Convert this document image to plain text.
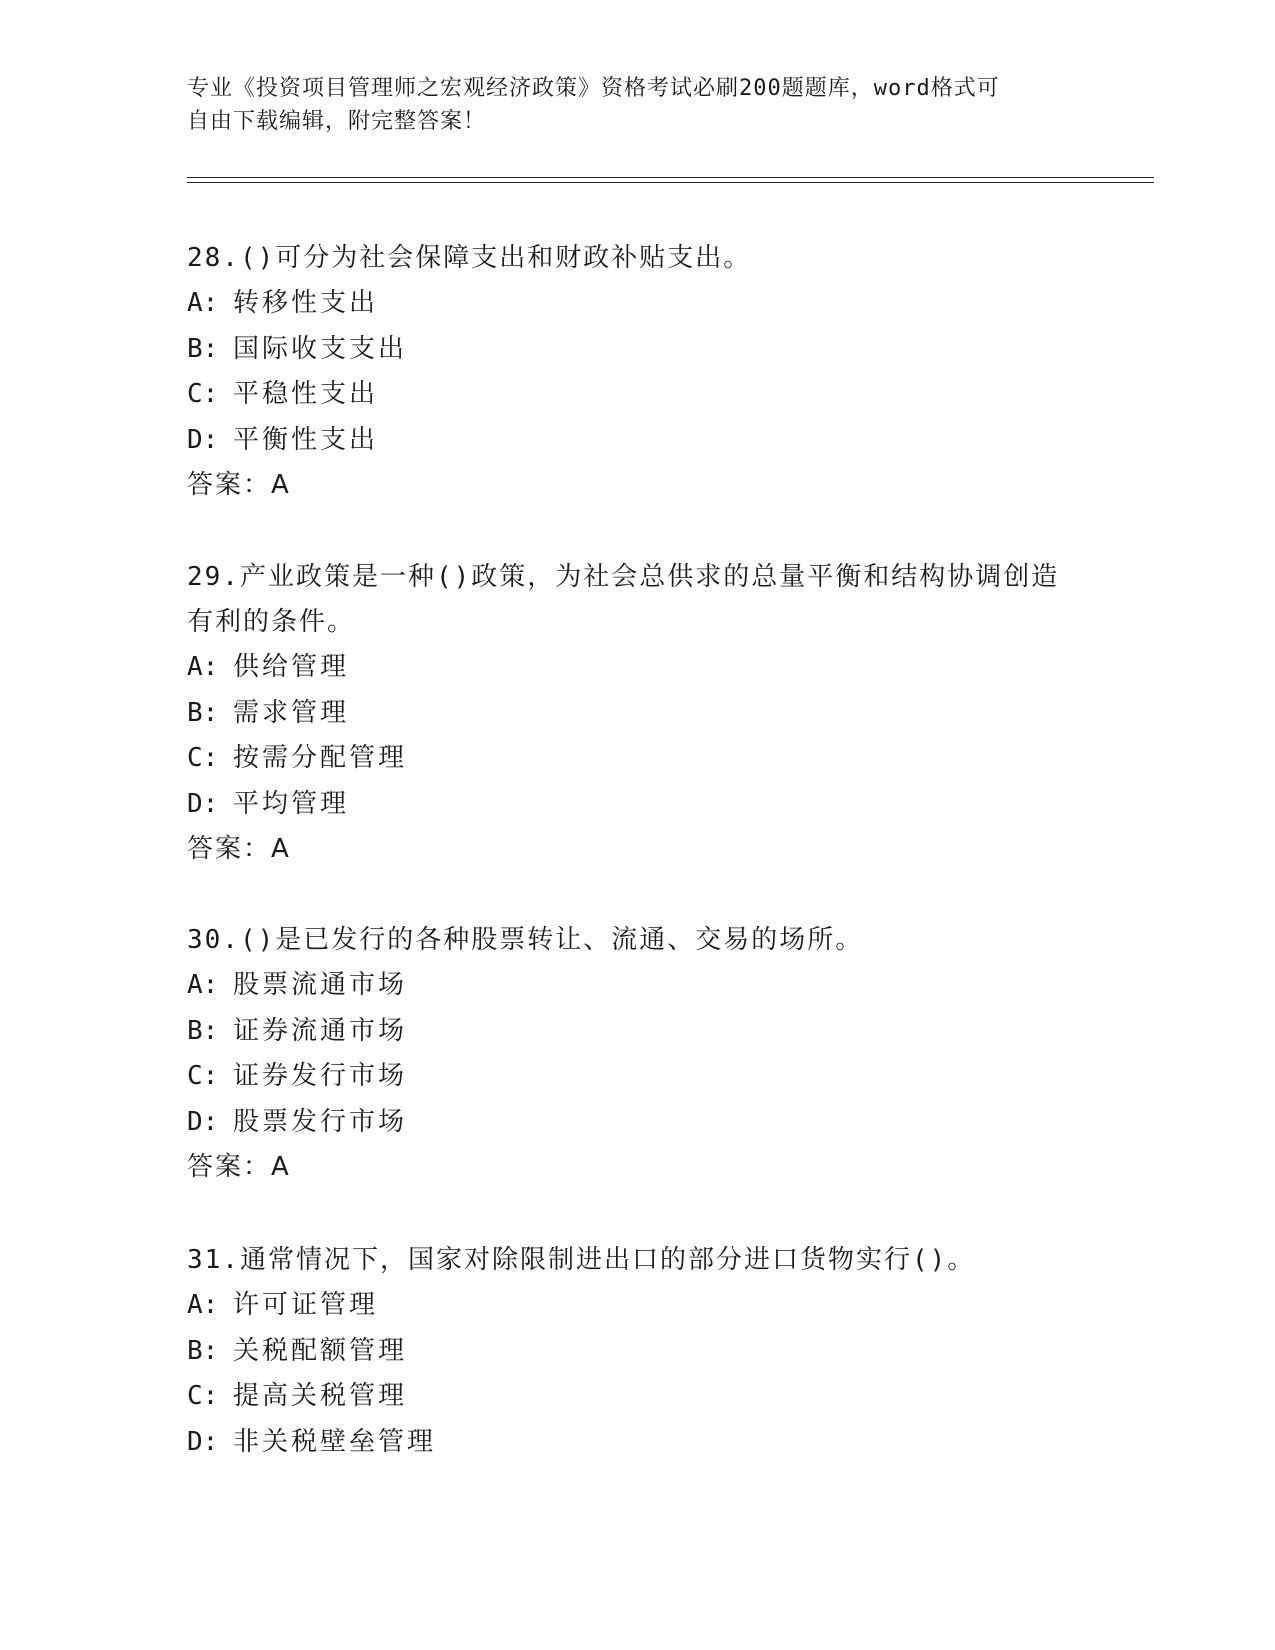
专业《投资项目管理师之宏观经济政策》资格考试必刷200题题库，word格式可
自由下载编辑，附完整答案！

28.()可分为社会保障支出和财政补贴支出。

A: 转移性支出

B: 国际收支支出

C: 平稳性支出

D: 平衡性支出

答案：A

29.产业政策是一种()政策，为社会总供求的总量平衡和结构协调创造有利的条件。

A: 供给管理

B: 需求管理

C: 按需分配管理

D: 平均管理

答案：A

30.()是已发行的各种股票转让、流通、交易的场所。

A: 股票流通市场

B: 证券流通市场

C: 证券发行市场

D: 股票发行市场

答案：A

31.通常情况下，国家对除限制进出口的部分进口货物实行()。

A: 许可证管理

B: 关税配额管理

C: 提高关税管理

D: 非关税壁垒管理
